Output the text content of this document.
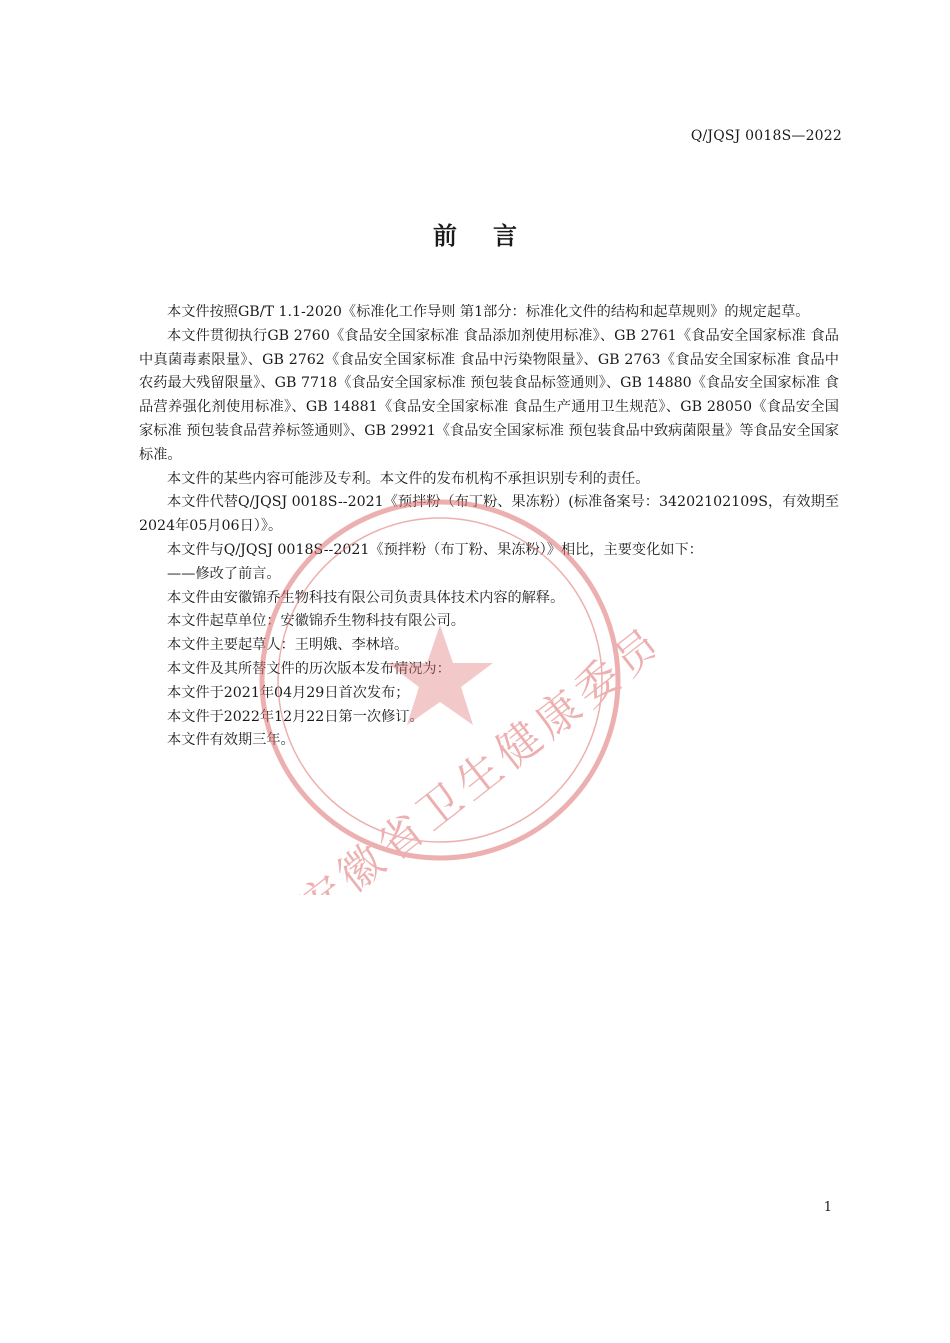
Q/JQSJ 0018S—2022
前言

本文件按照GB/T 1.1-2020《标准化工作导则 第1部分：标准化文件的结构和起草规则》的规定起草。

本文件贯彻执行GB 2760《食品安全国家标准 食品添加剂使用标准》、GB 2761《食品安全国家标准 食品中真菌毒素限量》、GB 2762《食品安全国家标准 食品中污染物限量》、GB 2763《食品安全国家标准 食品中农药最大残留限量》、GB 7718《食品安全国家标准 预包装食品标签通则》、GB 14880《食品安全国家标准 食品营养强化剂使用标准》、GB 14881《食品安全国家标准 食品生产通用卫生规范》、GB 28050《食品安全国家标准 预包装食品营养标签通则》、GB 29921《食品安全国家标准 预包装食品中致病菌限量》等食品安全国家标准。

本文件的某些内容可能涉及专利。本文件的发布机构不承担识别专利的责任。

本文件代替Q/JQSJ 0018S--2021《预拌粉（布丁粉、果冻粉）(标准备案号：34202102109S，有效期至2024年05月06日）》。

本文件与Q/JQSJ 0018S--2021《预拌粉（布丁粉、果冻粉）》相比，主要变化如下：

——修改了前言。

本文件由安徽锦乔生物科技有限公司负责具体技术内容的解释。

本文件起草单位：安徽锦乔生物科技有限公司。

本文件主要起草人：王明娥、李林培。

本文件及其所替文件的历次版本发布情况为：

本文件于2021年04月29日首次发布；

本文件于2022年12月22日第一次修订。

本文件有效期三年。

安徽省卫生健康委员会
1
